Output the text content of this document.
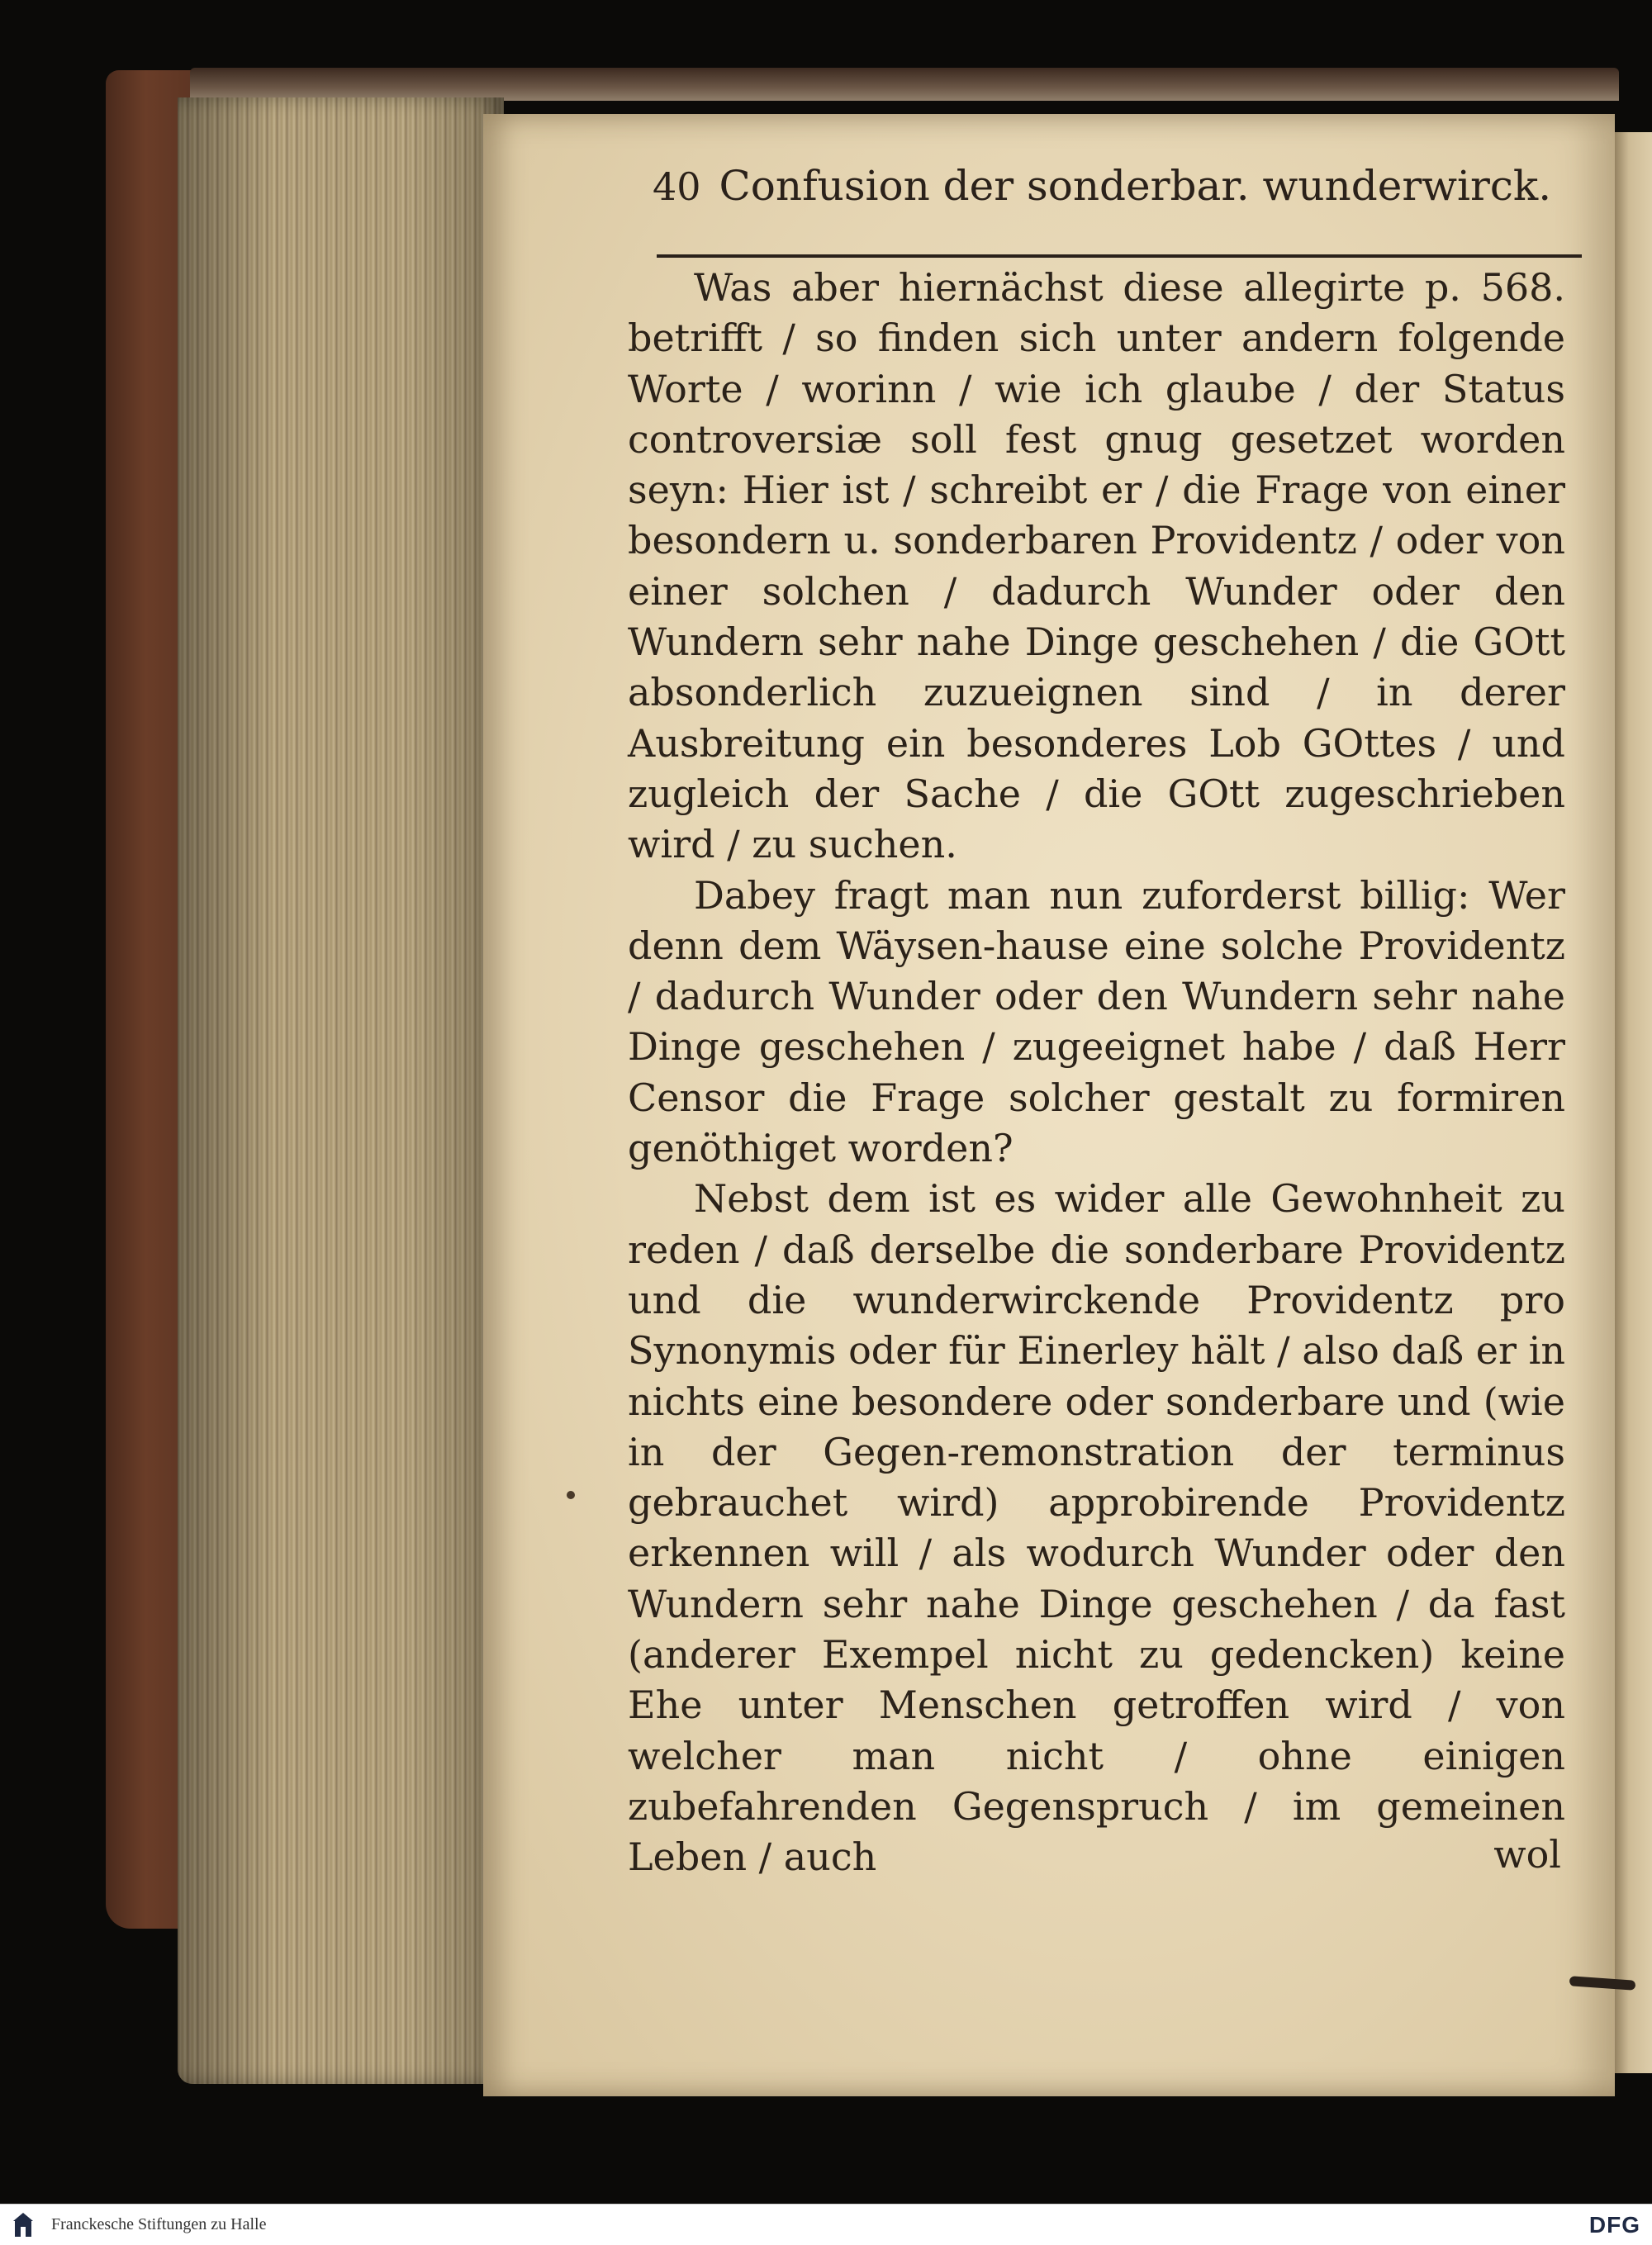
40 Confusion der sonderbar. wunderwirck.

Was aber hiernächst diese allegirte p. 568. betrifft / so finden sich unter andern folgende Worte / worinn / wie ich glaube / der Status controversiæ soll fest gnug gesetzet worden seyn: Hier ist / schreibt er / die Frage von einer besondern u. sonderbaren Providentz / oder von einer solchen / dadurch Wunder oder den Wundern sehr nahe Dinge geschehen / die GOtt absonderlich zuzueignen sind / in derer Ausbreitung ein besonderes Lob GOttes / und zugleich der Sache / die GOtt zugeschrieben wird / zu suchen.

Dabey fragt man nun zuforderst billig: Wer denn dem Wäysen-hause eine solche Providentz / dadurch Wunder oder den Wundern sehr nahe Dinge geschehen / zugeeignet habe / daß Herr Censor die Frage solcher gestalt zu formiren genöthiget worden?

Nebst dem ist es wider alle Gewohnheit zu reden / daß derselbe die sonderbare Providentz und die wunderwirckende Providentz pro Synonymis oder für Einerley hält / also daß er in nichts eine besondere oder sonderbare und (wie in der Gegen-remonstration der terminus gebrauchet wird) approbirende Providentz erkennen will / als wodurch Wunder oder den Wundern sehr nahe Dinge geschehen / da fast (anderer Exempel nicht zu gedencken) keine Ehe unter Menschen getroffen wird / von welcher man nicht / ohne einigen zubefahrenden Gegenspruch / im gemeinen Leben / auch	wol
Franckesche Stiftungen zu Halle	DFG
